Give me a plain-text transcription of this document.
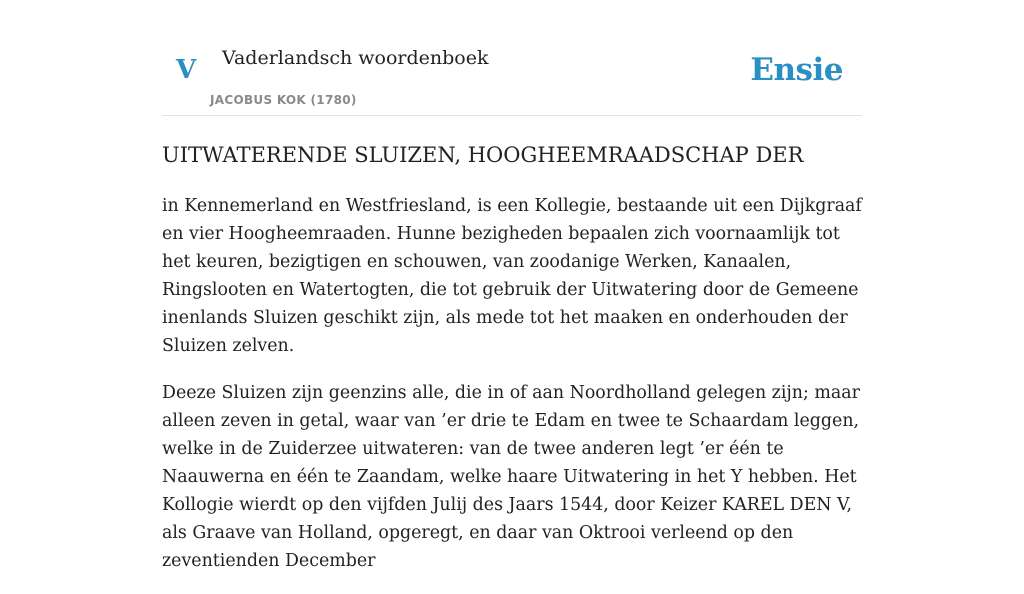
V Vaderlandsch woordenboek
JACOBUS KOK (1780)
Ensie
UITWATERENDE SLUIZEN, HOOGHEEMRAADSCHAP DER

in Kennemerland en Westfriesland, is een Kollegie, bestaande uit een Dijkgraaf en vier Hoogheemraaden. Hunne bezigheden bepaalen zich voornaamlijk tot het keuren, bezigtigen en schouwen, van zoodanige Werken, Kanaalen, Ringslooten en Watertogten, die tot gebruik der Uitwatering door de Gemeene inenlands Sluizen geschikt zijn, als mede tot het maaken en onderhouden der Sluizen zelven.

Deeze Sluizen zijn geenzins alle, die in of aan Noordholland gelegen zijn; maar alleen zeven in getal, waar van ’er drie te Edam en twee te Schaardam leggen, welke in de Zuiderzee uitwateren: van de twee anderen legt ’er één te Naauwerna en één te Zaandam, welke haare Uitwatering in het Y hebben. Het Kollogie wierdt op den vijfden Julij des Jaars 1544, door Keizer KAREL DEN V, als Graave van Holland, opgeregt, en daar van Oktrooi verleend op den zeventienden December
